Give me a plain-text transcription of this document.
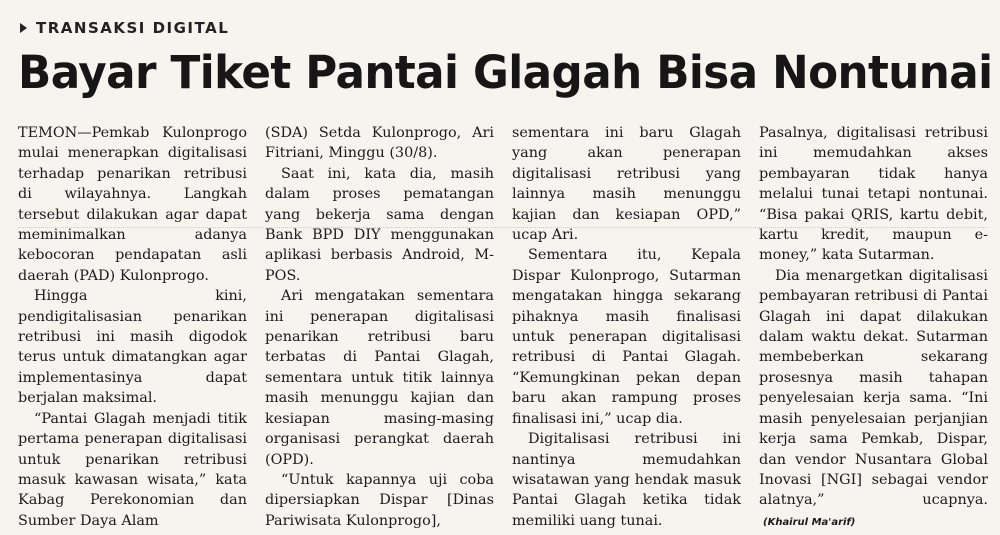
TRANSAKSI DIGITAL
Bayar Tiket Pantai Glagah Bisa Nontunai

TEMON—Pemkab Kulonprogo mulai menerapkan digitalisasi terhadap penarikan retribusi di wilayahnya. Langkah tersebut dilakukan agar dapat meminimalkan adanya kebocoran pendapatan asli daerah (PAD) Kulonprogo.

Hingga kini, pendigitalisasian penarikan retribusi ini masih digodok terus untuk dimatangkan agar implementasinya dapat berjalan maksimal.

“Pantai Glagah menjadi titik pertama penerapan digitalisasi untuk penarikan retribusi masuk kawasan wisata,” kata Kabag Perekonomian dan Sumber Daya Alam

(SDA) Setda Kulonprogo, Ari Fitriani, Minggu (30/8).

Saat ini, kata dia, masih dalam proses pematangan yang bekerja sama dengan Bank BPD DIY menggunakan aplikasi berbasis Android, M-POS.

Ari mengatakan sementara ini penerapan digitalisasi penarikan retribusi baru terbatas di Pantai Glagah, sementara untuk titik lainnya masih menunggu kajian dan kesiapan masing-masing organisasi perangkat daerah (OPD).

“Untuk kapannya uji coba dipersiapkan Dispar [Dinas Pariwisata Kulonprogo],

sementara ini baru Glagah yang akan penerapan digitalisasi retribusi yang lainnya masih menunggu kajian dan kesiapan OPD,” ucap Ari.

Sementara itu, Kepala Dispar Kulonprogo, Sutarman mengatakan hingga sekarang pihaknya masih finalisasi untuk penerapan digitalisasi retribusi di Pantai Glagah. “Kemungkinan pekan depan baru akan rampung proses finalisasi ini,” ucap dia.

Digitalisasi retribusi ini nantinya memudahkan wisatawan yang hendak masuk Pantai Glagah ketika tidak memiliki uang tunai.

Pasalnya, digitalisasi retribusi ini memudahkan akses pembayaran tidak hanya melalui tunai tetapi nontunai. “Bisa pakai QRIS, kartu debit, kartu kredit, maupun e-money,” kata Sutarman.

Dia menargetkan digitalisasi pembayaran retribusi di Pantai Glagah ini dapat dilakukan dalam waktu dekat. Sutarman membeberkan sekarang prosesnya masih tahapan penyelesaian kerja sama. “Ini masih penyelesaian perjanjian kerja sama Pemkab, Dispar, dan vendor Nusantara Global Inovasi [NGI] sebagai vendor alatnya,” ucapnya.(Khairul Ma'arif)
